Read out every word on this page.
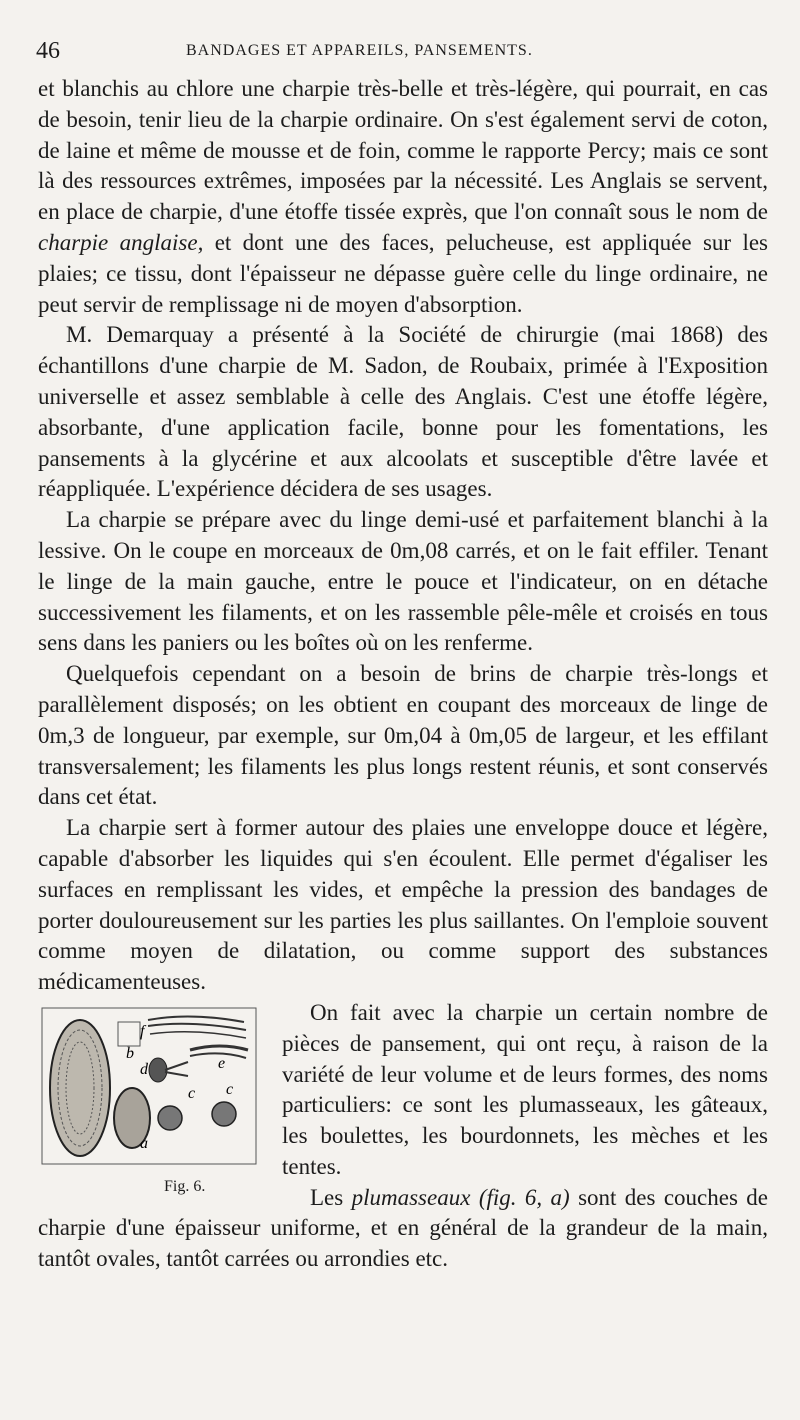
46	BANDAGES ET APPAREILS, PANSEMENTS.

et blanchis au chlore une charpie très-belle et très-légère, qui pourrait, en cas de besoin, tenir lieu de la charpie ordinaire. On s'est également servi de coton, de laine et même de mousse et de foin, comme le rapporte Percy; mais ce sont là des ressources extrêmes, imposées par la nécessité. Les Anglais se servent, en place de charpie, d'une étoffe tissée exprès, que l'on connaît sous le nom de charpie anglaise, et dont une des faces, pelucheuse, est appliquée sur les plaies; ce tissu, dont l'épaisseur ne dépasse guère celle du linge ordinaire, ne peut servir de remplissage ni de moyen d'absorption.

M. Demarquay a présenté à la Société de chirurgie (mai 1868) des échantillons d'une charpie de M. Sadon, de Roubaix, primée à l'Exposition universelle et assez semblable à celle des Anglais. C'est une étoffe légère, absorbante, d'une application facile, bonne pour les fomentations, les pansements à la glycérine et aux alcoolats et susceptible d'être lavée et réappliquée. L'expérience décidera de ses usages.

La charpie se prépare avec du linge demi-usé et parfaitement blanchi à la lessive. On le coupe en morceaux de 0m,08 carrés, et on le fait effiler. Tenant le linge de la main gauche, entre le pouce et l'indicateur, on en détache successivement les filaments, et on les rassemble pêle-mêle et croisés en tous sens dans les paniers ou les boîtes où on les renferme.

Quelquefois cependant on a besoin de brins de charpie très-longs et parallèlement disposés; on les obtient en coupant des morceaux de linge de 0m,3 de longueur, par exemple, sur 0m,04 à 0m,05 de largeur, et les effilant transversalement; les filaments les plus longs restent réunis, et sont conservés dans cet état.

La charpie sert à former autour des plaies une enveloppe douce et légère, capable d'absorber les liquides qui s'en écoulent. Elle permet d'égaliser les surfaces en remplissant les vides, et empêche la pression des bandages de porter douloureusement sur les parties les plus saillantes. On l'emploie souvent comme moyen de dilatation, ou comme support des substances médicamenteuses.

b
f
d	e
c c
a
Fig. 6.
On fait avec la charpie un certain nombre de pièces de pansement, qui ont reçu, à raison de la variété de leur volume et de leurs formes, des noms particuliers: ce sont les plumasseaux, les gâteaux, les boulettes, les bourdonnets, les mèches et les tentes.

Les plumasseaux (fig. 6, a) sont des couches de charpie d'une épaisseur uniforme, et en général de la grandeur de la main, tantôt ovales, tantôt carrées ou arrondies etc.
